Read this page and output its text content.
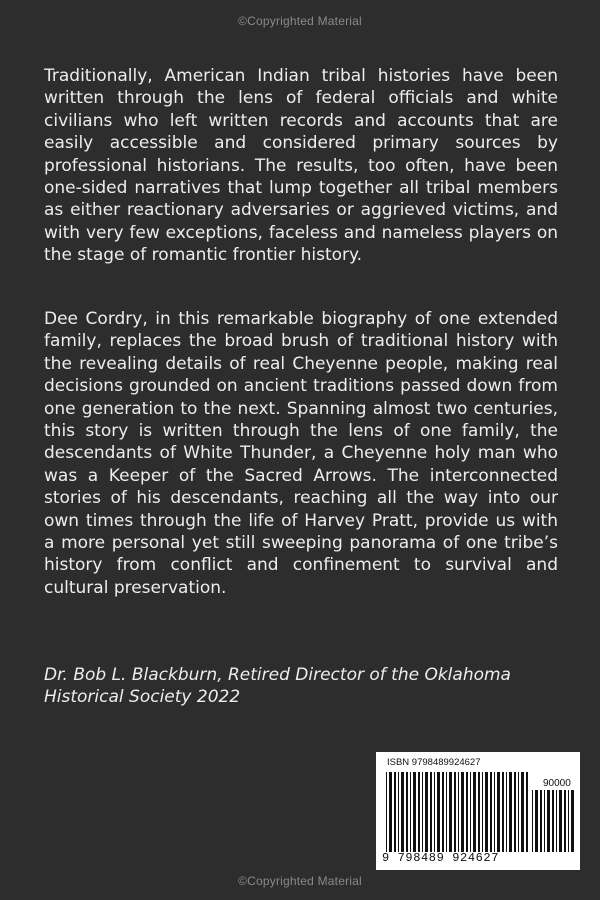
©Copyrighted Material

Traditionally, American Indian tribal histories have been written through the lens of federal officials and white civilians who left written records and accounts that are easily accessible and considered primary sources by professional historians. The results, too often, have been one-sided narratives that lump together all tribal members as either reactionary adversaries or aggrieved victims, and with very few exceptions, faceless and nameless players on the stage of romantic frontier history.

Dee Cordry, in this remarkable biography of one extended family, replaces the broad brush of traditional history with the revealing details of real Cheyenne people, making real decisions grounded on ancient traditions passed down from one generation to the next. Spanning almost two centuries, this story is written through the lens of one family, the descendants of White Thunder, a Cheyenne holy man who was a Keeper of the Sacred Arrows. The interconnected stories of his descendants, reaching all the way into our own times through the life of Harvey Pratt, provide us with a more personal yet still sweeping panorama of one tribe’s history from conflict and confinement to survival and cultural preservation.

Dr. Bob L. Blackburn, Retired Director of the Oklahoma
Historical Society 2022
ISBN 9798489924627
90000
9 798489 924627
©Copyrighted Material
